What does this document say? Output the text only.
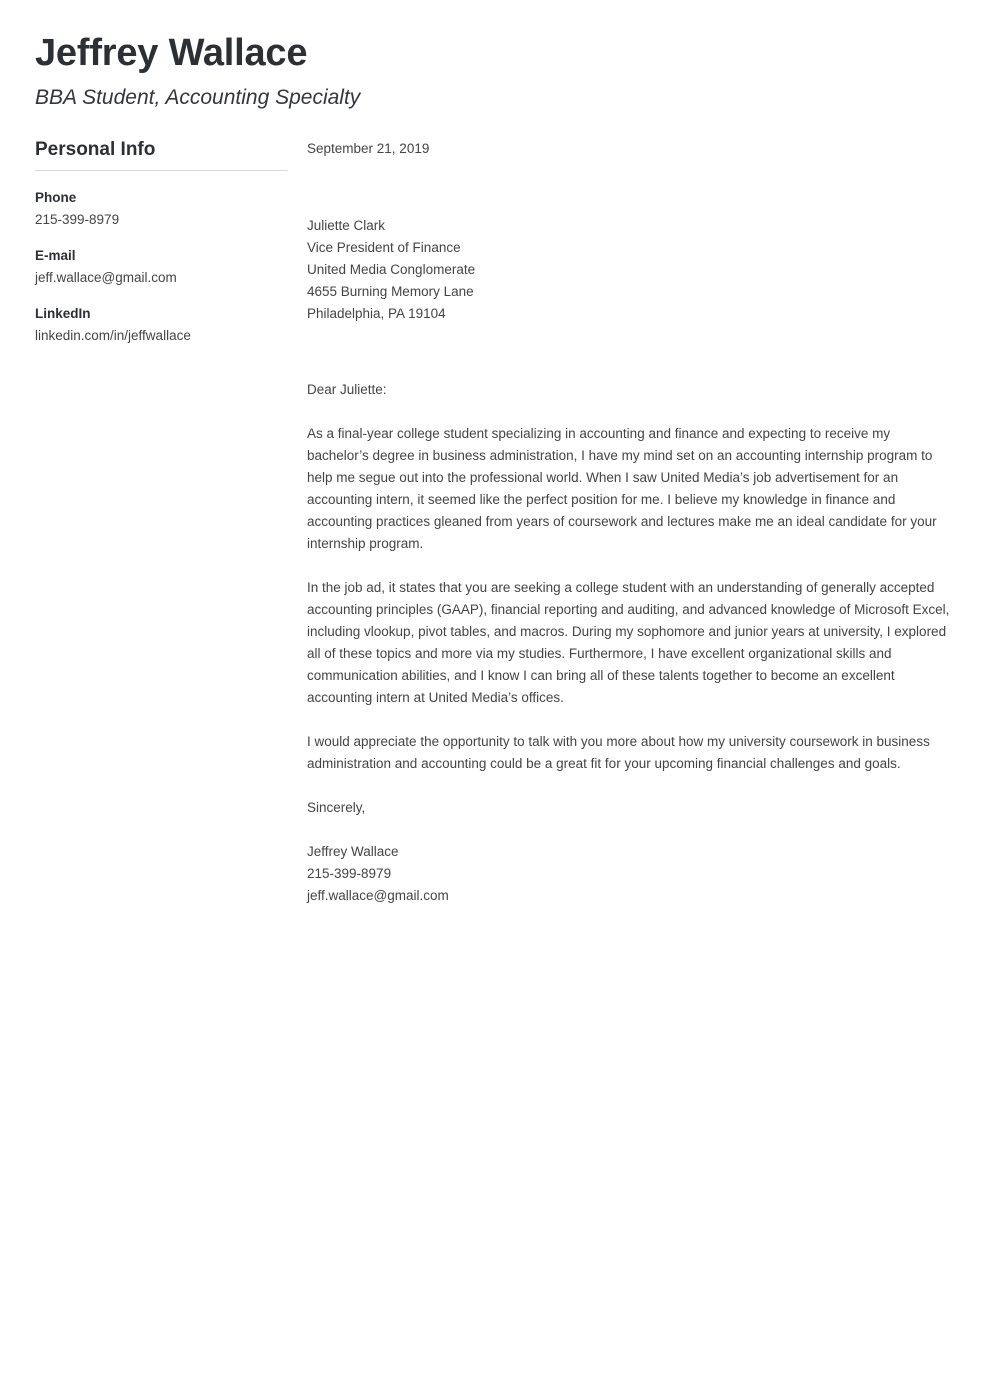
Jeffrey Wallace
BBA Student, Accounting Specialty
Personal Info
Phone
215-399-8979
E-mail
jeff.wallace@gmail.com
LinkedIn
linkedin.com/in/jeffwallace

September 21, 2019

Juliette Clark

Vice President of Finance

United Media Conglomerate

4655 Burning Memory Lane

Philadelphia, PA 19104

Dear Juliette:

As a final-year college student specializing in accounting and finance and expecting to receive my bachelor’s degree in business administration, I have my mind set on an accounting internship program to help me segue out into the professional world. When I saw United Media’s job advertisement for an accounting intern, it seemed like the perfect position for me. I believe my knowledge in finance and accounting practices gleaned from years of coursework and lectures make me an ideal candidate for your internship program.

In the job ad, it states that you are seeking a college student with an understanding of generally accepted accounting principles (GAAP), financial reporting and auditing, and advanced knowledge of Microsoft Excel, including vlookup, pivot tables, and macros. During my sophomore and junior years at university, I explored all of these topics and more via my studies. Furthermore, I have excellent organizational skills and communication abilities, and I know I can bring all of these talents together to become an excellent accounting intern at United Media’s offices.

I would appreciate the opportunity to talk with you more about how my university coursework in business administration and accounting could be a great fit for your upcoming financial challenges and goals.

Sincerely,

Jeffrey Wallace

215-399-8979

jeff.wallace@gmail.com
